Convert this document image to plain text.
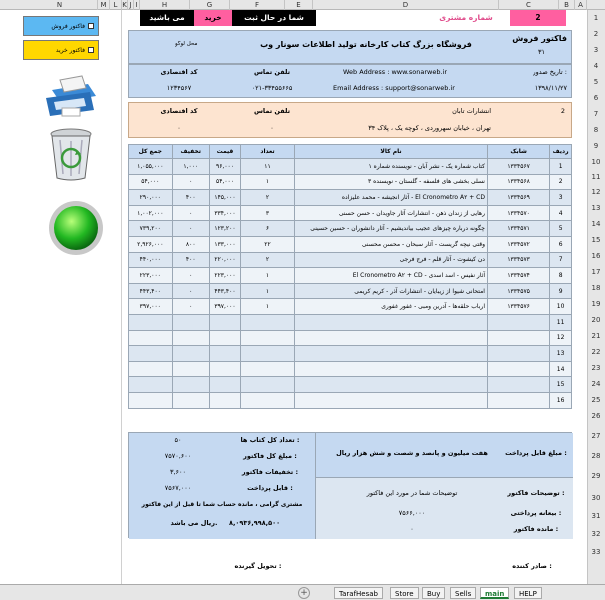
N	M	L K J I	H	G	F	E	D	C	B	A
فاکتور فروش
فاکتور خرید
می باشید	خرید	شما در حال ثبت	شماره مشتری	2
فاکتور فروش
۳۱
فروشگاه بزرگ کتاب کارخانه تولید اطلاعات سونار وب
محل لوگو
کد اقتصادی
۱۲۳۴۵۶۷
تلفن تماس
۰۲۱-۳۳۴۵۵۶۶۵
Web Address : www.sonarweb.ir
Email Address : support@sonarweb.ir
تاریخ صدور :
۱۳۹۸/۱۱/۲۷
کد اقتصادی
۰
تلفن تماس
۰
2
انتشارات تابان
تهران ، خیابان سهروردی ، کوچه یک ، پلاک ۳۴
جمع کل	تخفیف	قیمت	تعداد	نام کالا	شابک	ردیف
۱,۰۵۵,۰۰۰	۱,۰۰۰	۹۶,۰۰۰	۱۱	کتاب شماره یک - نشر آبان - نویسنده شماره ۱	۱۳۳۴۵۶۷	1
۵۴,۰۰۰	۰	۵۴,۰۰۰	۱	نسلی بخشی های فلسفه - گلستان - نویسنده ۳	۱۳۳۴۵۶۸	2
۲۹۰,۰۰۰	۴۰۰	۱۴۵,۰۰۰	۲	آثار انجیشه - محمد علیزاده - El Cronometro A۲ + CD	۱۳۳۴۵۶۹	3
۱,۰۰۲,۰۰۰	۰	۳۳۴,۰۰۰	۳	رهایی از زندان ذهن - انتشارات آثار جاویدان - حسن حسنی	۱۳۳۴۵۷۰	4
۷۳۹,۲۰۰	۰	۱۲۳,۲۰۰	۶	چگونه درباره چیزهای عجیب بیاندیشیم - آثار دانشوران - حسین حسینی	۱۳۳۴۵۷۱	5
۲,۹۲۶,۰۰۰	۸۰۰	۱۳۳,۰۰۰	۲۲	وقتی نیچه گریست - آثار سبحان - محسن محسنی	۱۳۳۴۵۷۲	6
۴۴۰,۰۰۰	۴۰۰	۲۲۰,۰۰۰	۲	دن کیشوت - آثار قلم - فرج فرجی	۱۳۳۴۵۷۳	7
۲۲۳,۰۰۰	۰	۲۲۳,۰۰۰	۱	El Cronometro A۲ + CD - آثار نفیس - اسد اسدی	۱۳۳۴۵۷۴	8
۴۴۳,۴۰۰	۰	۴۴۳,۴۰۰	۱	امتحانی شیوا از زیبایان - انتشارات آذر - کریم کریمی	۱۳۳۴۵۷۵	9
۳۹۷,۰۰۰	۰	۳۹۷,۰۰۰	۱	ارباب حلقه‌ها - آدرین ومبی - غفور غفوری	۱۳۳۴۵۷۶	10
						11
						12
						13
						14
						15
						16
تعداد کل کتاب ها :
۵۰
مبلغ کل فاکتور :
۷۵۷۰,۶۰۰
تخفیفات فاکتور :
۳,۶۰۰
قابل پرداخت :
۷۵۶۷,۰۰۰
مشتری گرامی ، مانده حساب شما تا قبل از این فاکتور
۸,۰۹۳۶,۹۹۸,۵۰۰
ریال می باشد.
مبلغ قابل پرداخت :
هفت میلیون و پانصد و شصت و شش هزار ریال
توضیحات فاکتور :
توضیحات شما در مورد این فاکتور
بیعانه پرداختی :
۷۵۶۶,۰۰۰
مانده فاکتور :
۰
صادر کننده :
تحویل گیرنده :
1
2
3
4
5
6
7
8
9
10
11
12
13
14
15
16
17
18
19
20
21
22
23
24
25
26
27
28
29
30
31
32
33
+	TarafHesab	Store	Buy	Sells	main	HELP
